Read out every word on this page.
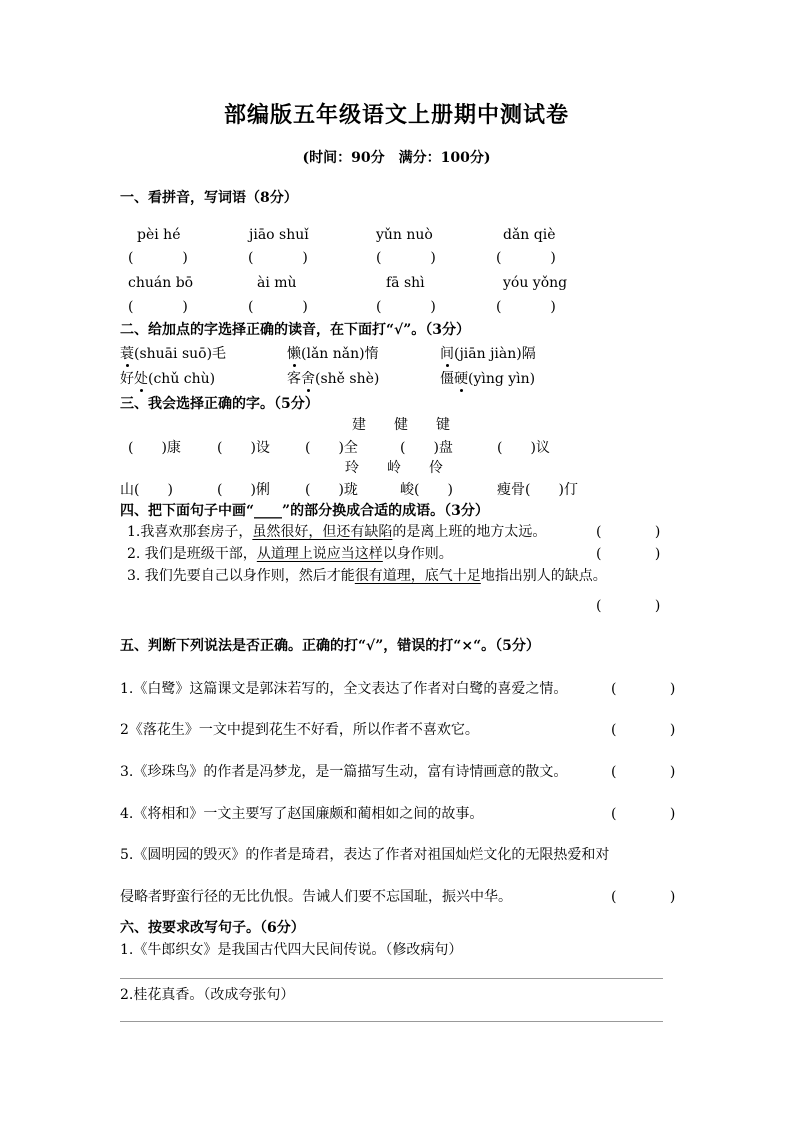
部编版五年级语文上册期中测试卷
(时间：90分　满分：100分)
一、看拼音，写词语（8分）
pèi hé	jiāo shuǐ	yǔn nuò	dǎn qiè
(           )	(           )	(           )	(           )
chuán bō	ài mù	fā shì	yóu yǒng
(           )	(           )	(           )	(           )
二、给加点的字选择正确的读音，在下面打“√”。（3分）
蓑(shuāi suō)毛	懒(lǎn nǎn)惰	间(jiān jiàn)隔
好处(chǔ chù)	客舍(shě shè)	僵硬(yìng yìn)
三、我会选择正确的字。（5分）
建　　健　　键
(　　)康	(　　)设	(　　)全	(　　)盘	(　　)议
玲　　岭　　伶
山(　　)	(　　)俐	(　　)珑	峻(　　)	瘦骨(　　)仃
四、把下面句子中画“____”的部分换成合适的成语。（3分）
1.我喜欢那套房子，虽然很好，但还有缺陷的是离上班的地方太远。	(            )
2. 我们是班级干部，从道理上说应当这样以身作则。	(            )
3. 我们先要自己以身作则，然后才能很有道理，底气十足地指出别人的缺点。
(            )
五、判断下列说法是否正确。正确的打“√”，错误的打“×“。（5分）
1.《白鹭》这篇课文是郭沫若写的，全文表达了作者对白鹭的喜爱之情。	(            )
2《落花生》一文中提到花生不好看，所以作者不喜欢它。	(            )
3.《珍珠鸟》的作者是冯梦龙，是一篇描写生动，富有诗情画意的散文。	(            )
4.《将相和》一文主要写了赵国廉颇和蔺相如之间的故事。	(            )
5.《圆明园的毁灭》的作者是琦君，表达了作者对祖国灿烂文化的无限热爱和对
侵略者野蛮行径的无比仇恨。告诫人们要不忘国耻，振兴中华。	(            )
六、按要求改写句子。（6分）
1.《牛郎织女》是我国古代四大民间传说。（修改病句）
2.桂花真香。（改成夸张句）
